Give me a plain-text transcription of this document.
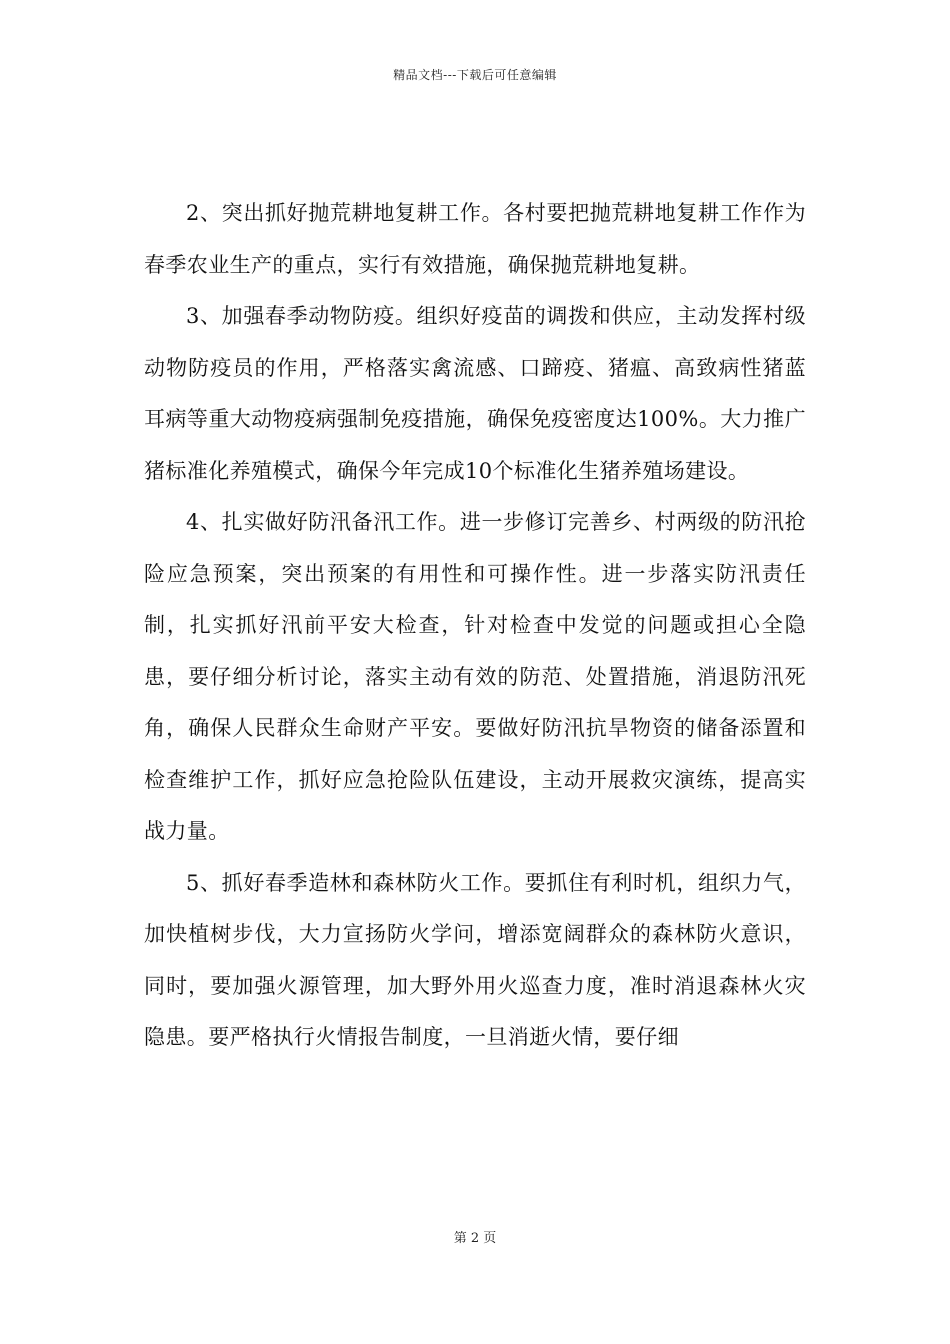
精品文档---下载后可任意编辑

2、突出抓好抛荒耕地复耕工作。各村要把抛荒耕地复耕工作作为春季农业生产的重点，实行有效措施，确保抛荒耕地复耕。

3、加强春季动物防疫。组织好疫苗的调拨和供应，主动发挥村级动物防疫员的作用，严格落实禽流感、口蹄疫、猪瘟、高致病性猪蓝耳病等重大动物疫病强制免疫措施，确保免疫密度达100%。大力推广猪标准化养殖模式，确保今年完成10个标准化生猪养殖场建设。

4、扎实做好防汛备汛工作。进一步修订完善乡、村两级的防汛抢险应急预案，突出预案的有用性和可操作性。进一步落实防汛责任制，扎实抓好汛前平安大检查，针对检查中发觉的问题或担心全隐患，要仔细分析讨论，落实主动有效的防范、处置措施，消退防汛死角，确保人民群众生命财产平安。要做好防汛抗旱物资的储备添置和检查维护工作，抓好应急抢险队伍建设，主动开展救灾演练，提高实战力量。

5、抓好春季造林和森林防火工作。要抓住有利时机，组织力气，加快植树步伐，大力宣扬防火学问，增添宽阔群众的森林防火意识，同时，要加强火源管理，加大野外用火巡查力度，准时消退森林火灾隐患。要严格执行火情报告制度，一旦消逝火情，要仔细

第 2 页
